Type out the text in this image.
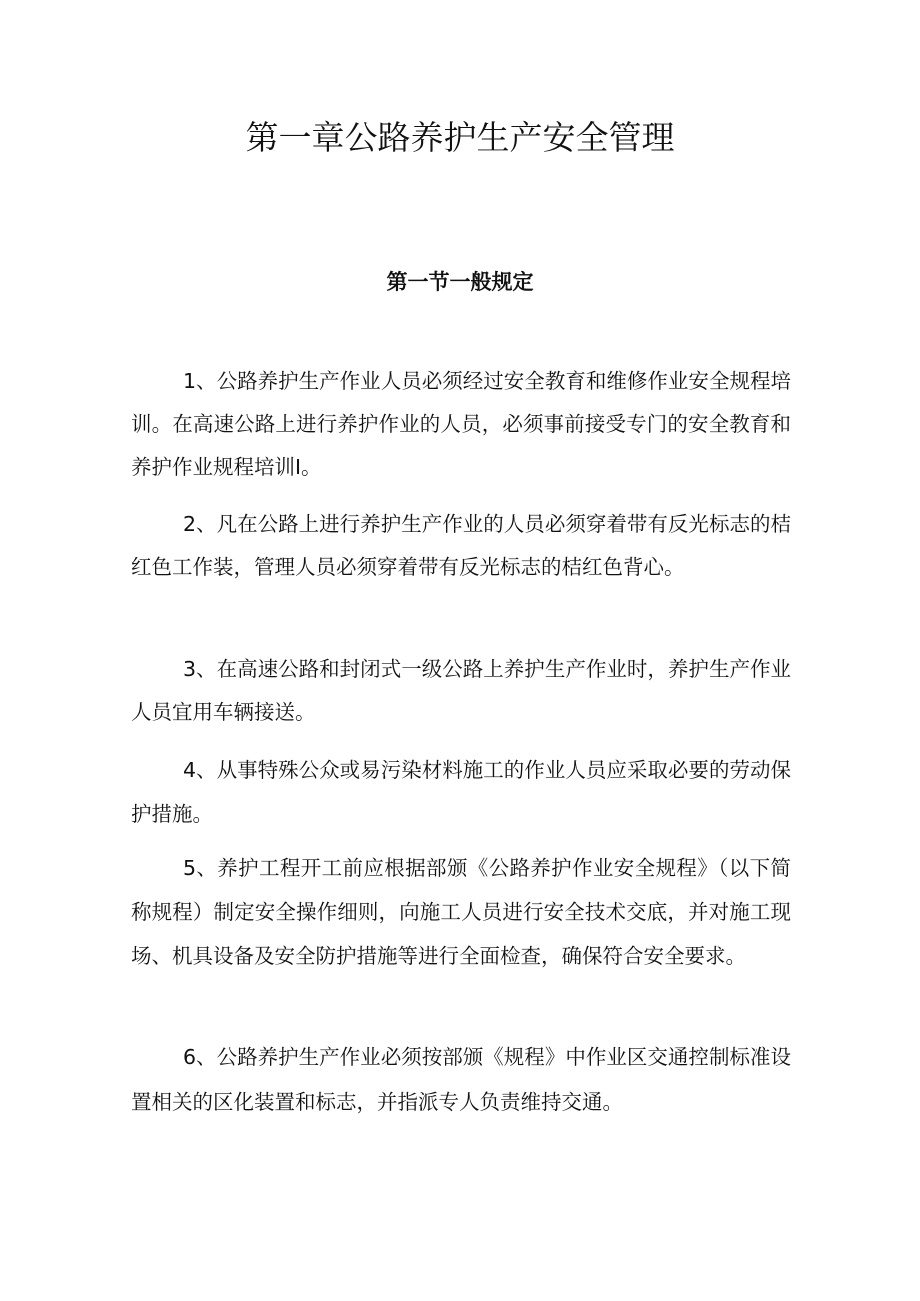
第一章公路养护生产安全管理
第一节一般规定

1、公路养护生产作业人员必须经过安全教育和维修作业安全规程培训。在高速公路上进行养护作业的人员，必须事前接受专门的安全教育和养护作业规程培训I。

2、凡在公路上进行养护生产作业的人员必须穿着带有反光标志的桔红色工作装，管理人员必须穿着带有反光标志的桔红色背心。

3、在高速公路和封闭式一级公路上养护生产作业时，养护生产作业人员宜用车辆接送。

4、从事特殊公众或易污染材料施工的作业人员应采取必要的劳动保护措施。

5、养护工程开工前应根据部颁《公路养护作业安全规程》（以下简称规程）制定安全操作细则，向施工人员进行安全技术交底，并对施工现场、机具设备及安全防护措施等进行全面检查，确保符合安全要求。

6、公路养护生产作业必须按部颁《规程》中作业区交通控制标准设置相关的区化装置和标志，并指派专人负责维持交通。
